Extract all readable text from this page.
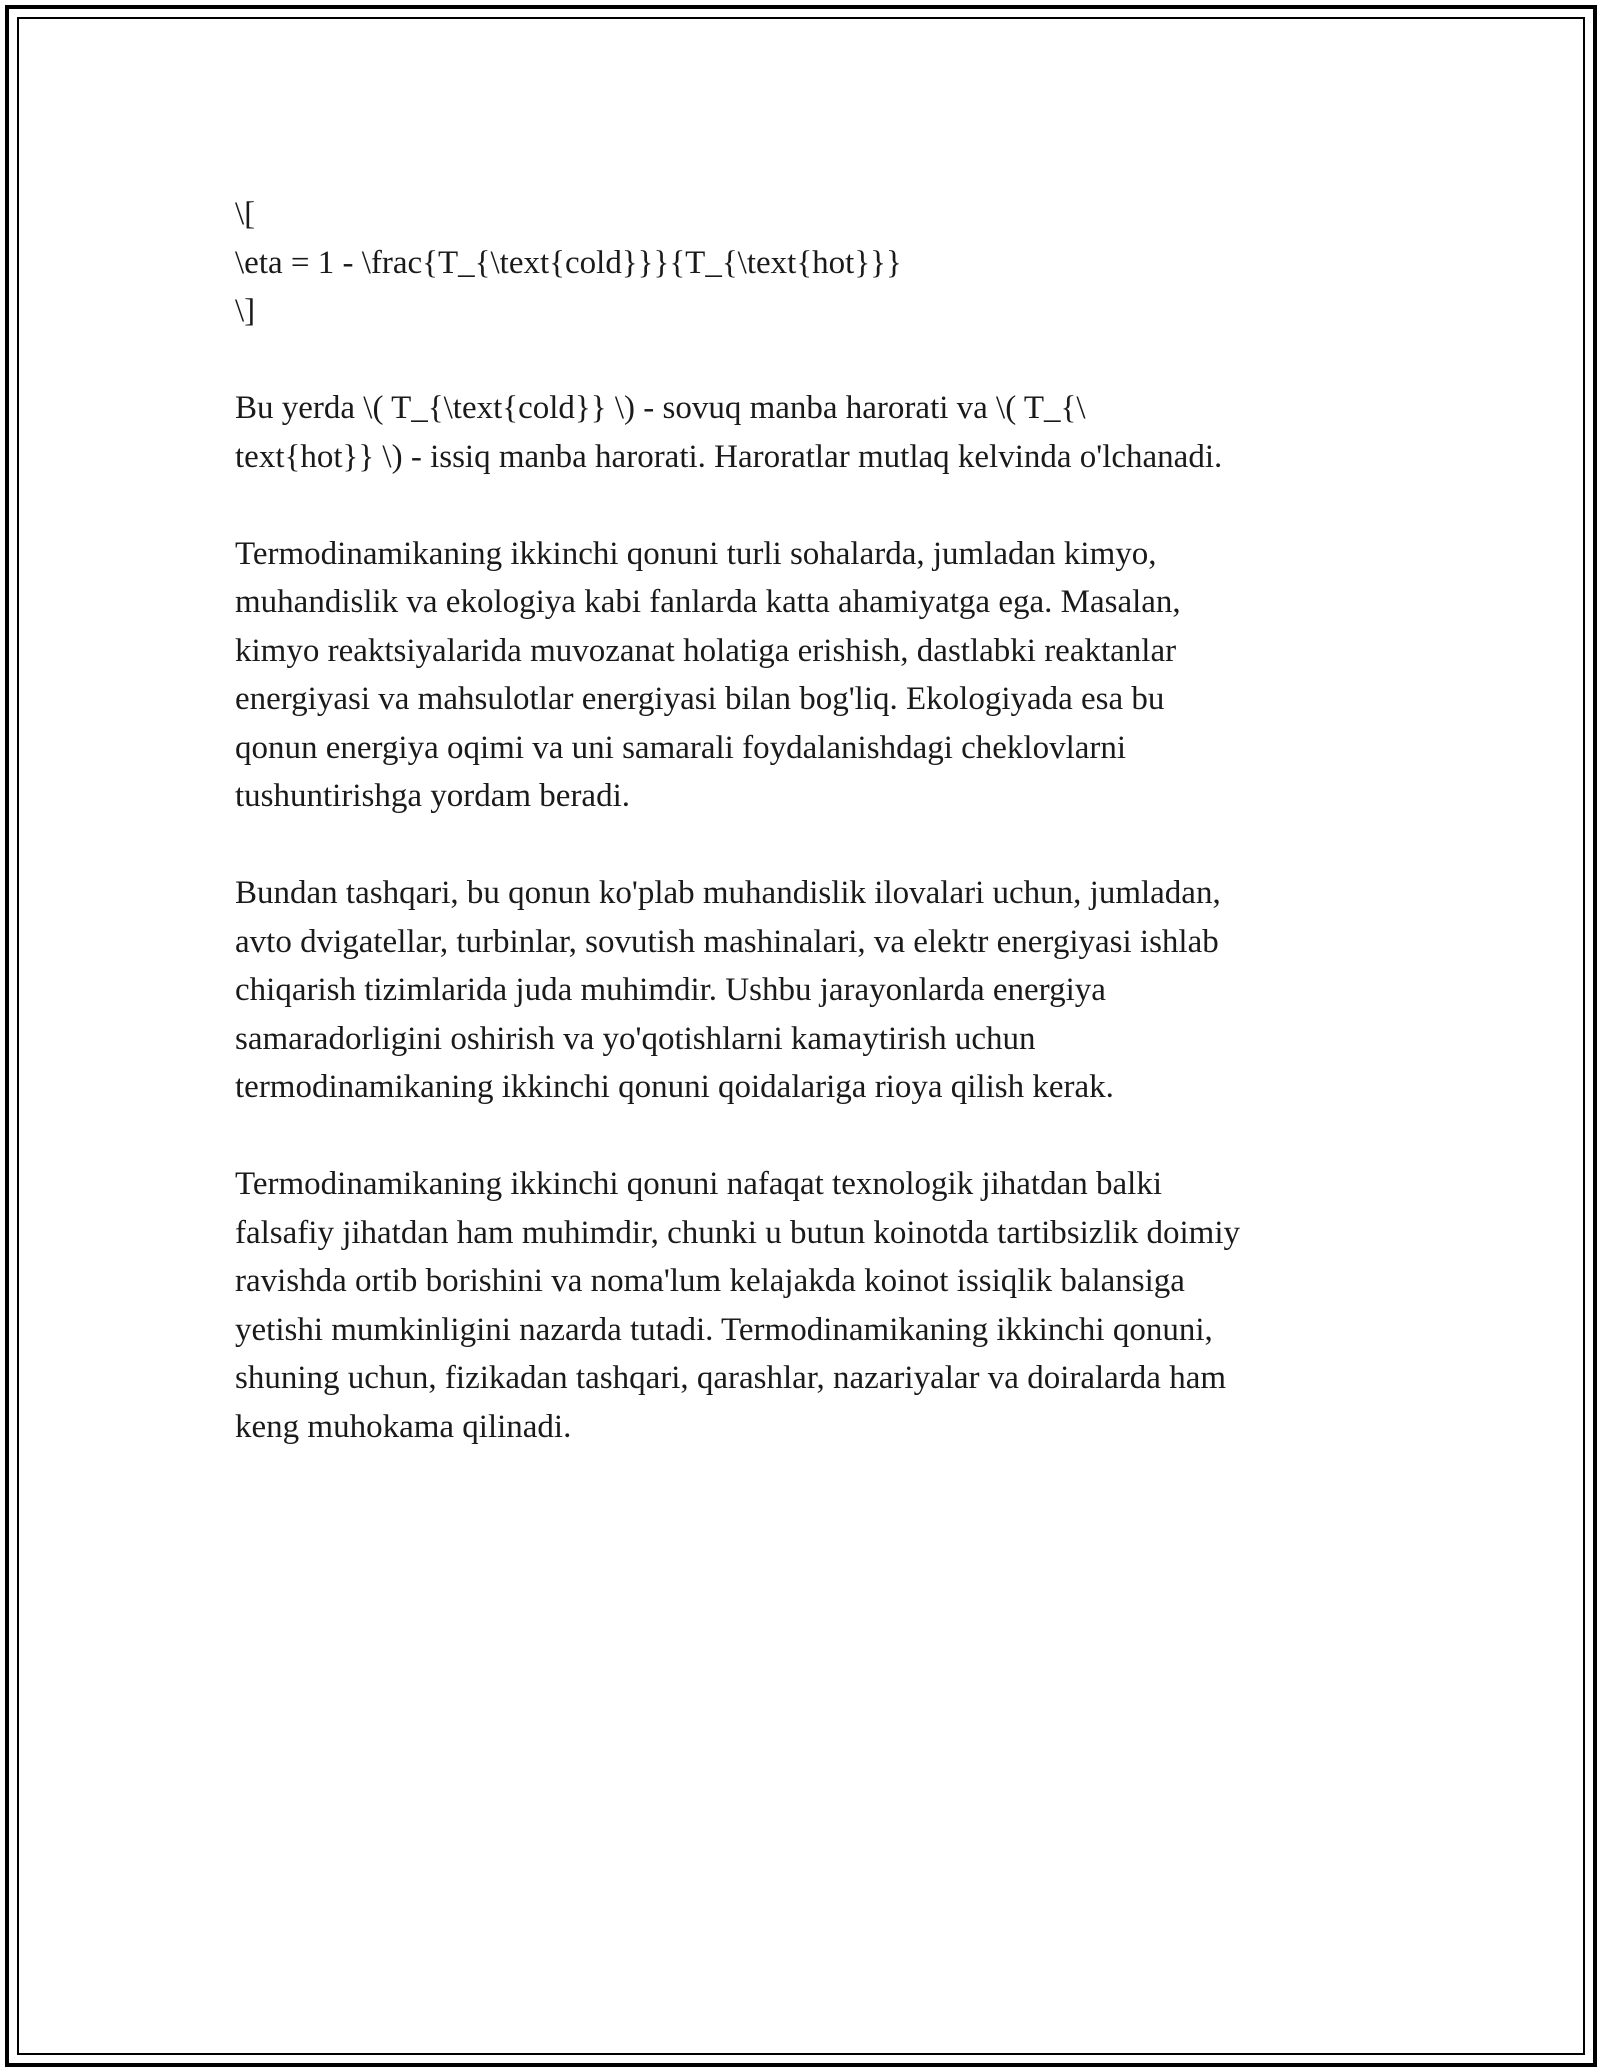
\[
\eta = 1 - \frac{T_{\text{cold}}}{T_{\text{hot}}}
\]

Bu yerda \( T_{\text{cold}} \) - sovuq manba harorati va \( T_{\
text{hot}} \) - issiq manba harorati. Haroratlar mutlaq kelvinda o'lchanadi.

Termodinamikaning ikkinchi qonuni turli sohalarda, jumladan kimyo,
muhandislik va ekologiya kabi fanlarda katta ahamiyatga ega. Masalan,
kimyo reaktsiyalarida muvozanat holatiga erishish, dastlabki reaktanlar
energiyasi va mahsulotlar energiyasi bilan bog'liq. Ekologiyada esa bu
qonun energiya oqimi va uni samarali foydalanishdagi cheklovlarni
tushuntirishga yordam beradi.

Bundan tashqari, bu qonun ko'plab muhandislik ilovalari uchun, jumladan,
avto dvigatellar, turbinlar, sovutish mashinalari, va elektr energiyasi ishlab
chiqarish tizimlarida juda muhimdir. Ushbu jarayonlarda energiya
samaradorligini oshirish va yo'qotishlarni kamaytirish uchun
termodinamikaning ikkinchi qonuni qoidalariga rioya qilish kerak.

Termodinamikaning ikkinchi qonuni nafaqat texnologik jihatdan balki
falsafiy jihatdan ham muhimdir, chunki u butun koinotda tartibsizlik doimiy
ravishda ortib borishini va noma'lum kelajakda koinot issiqlik balansiga
yetishi mumkinligini nazarda tutadi. Termodinamikaning ikkinchi qonuni,
shuning uchun, fizikadan tashqari, qarashlar, nazariyalar va doiralarda ham
keng muhokama qilinadi.
